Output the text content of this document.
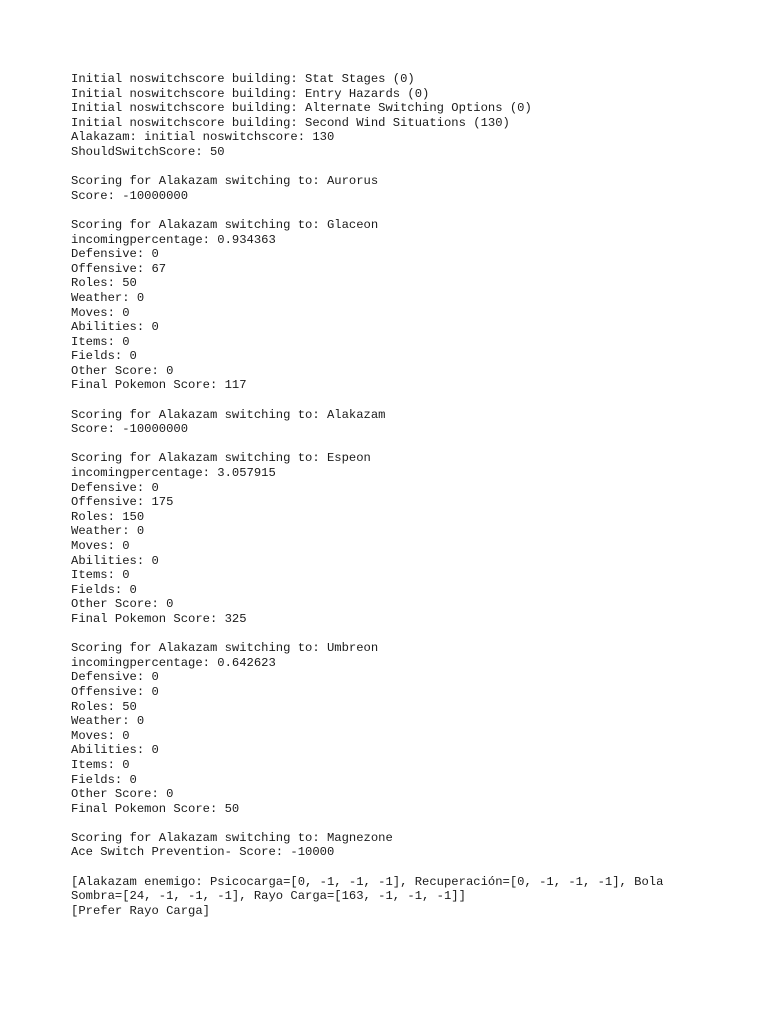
Initial noswitchscore building: Stat Stages (0)
Initial noswitchscore building: Entry Hazards (0)
Initial noswitchscore building: Alternate Switching Options (0)
Initial noswitchscore building: Second Wind Situations (130)
Alakazam: initial noswitchscore: 130
ShouldSwitchScore: 50
Scoring for Alakazam switching to: Aurorus
Score: -10000000
Scoring for Alakazam switching to: Glaceon
incomingpercentage: 0.934363
Defensive: 0
Offensive: 67
Roles: 50
Weather: 0
Moves: 0
Abilities: 0
Items: 0
Fields: 0
Other Score: 0
Final Pokemon Score: 117
Scoring for Alakazam switching to: Alakazam
Score: -10000000
Scoring for Alakazam switching to: Espeon
incomingpercentage: 3.057915
Defensive: 0
Offensive: 175
Roles: 150
Weather: 0
Moves: 0
Abilities: 0
Items: 0
Fields: 0
Other Score: 0
Final Pokemon Score: 325
Scoring for Alakazam switching to: Umbreon
incomingpercentage: 0.642623
Defensive: 0
Offensive: 0
Roles: 50
Weather: 0
Moves: 0
Abilities: 0
Items: 0
Fields: 0
Other Score: 0
Final Pokemon Score: 50
Scoring for Alakazam switching to: Magnezone
Ace Switch Prevention- Score: -10000
[Alakazam enemigo: Psicocarga=[0, -1, -1, -1], Recuperación=[0, -1, -1, -1], Bola
Sombra=[24, -1, -1, -1], Rayo Carga=[163, -1, -1, -1]]
[Prefer Rayo Carga]
